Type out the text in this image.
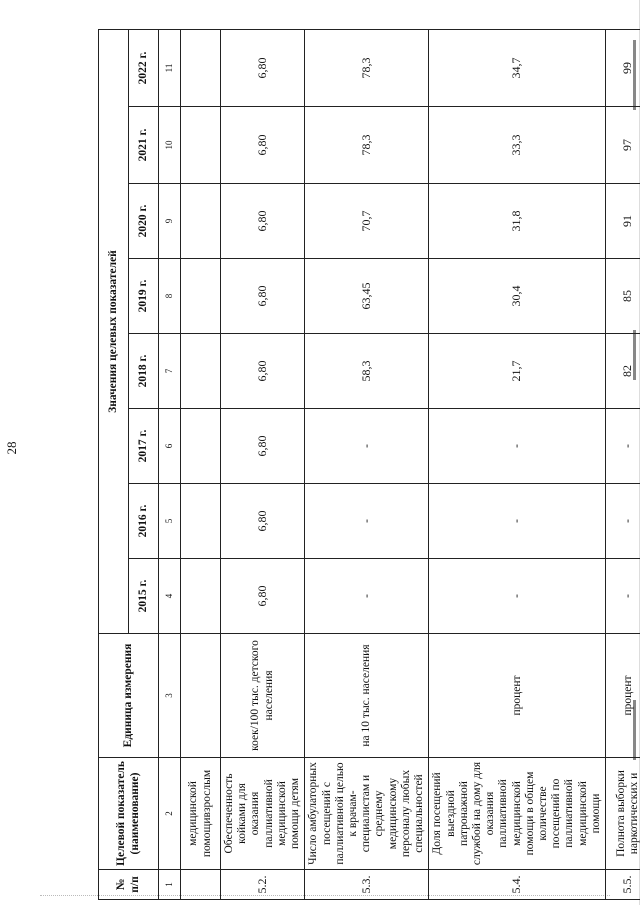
28
№ п/п	Целевой показатель (наименование)	Единица измерения	Значения целевых показателей							
			2015 г.	2016 г.	2017 г.	2018 г.	2019 г.	2020 г.	2021 г.	2022 г.
1	2	3	4	5	6	7	8	9	10	11
	медицинской помощивзрослым									
5.2.	Обеспеченность койками для оказания паллиативной медицинской помощи детям	коек/100 тыс. детского населения	6,80	6,80	6,80	6,80	6,80	6,80	6,80	6,80
5.3.	Число амбулаторных посещений с паллиативной целью к врачам-специалистам и среднему медицинскому персоналу любых специальностей	на 10 тыс. населения	-	-	-	58,3	63,45	70,7	78,3	78,3
5.4.	Доля посещений выездной патронажной службой на дому для оказания паллиативной медицинской помощи в общем количестве посещений по паллиативной медицинской помощи	процент	-	-	-	21,7	30,4	31,8	33,3	34,7
5.5.	Полнота выборки наркотических и	процент	-	-	-	82	85	91	97	99
